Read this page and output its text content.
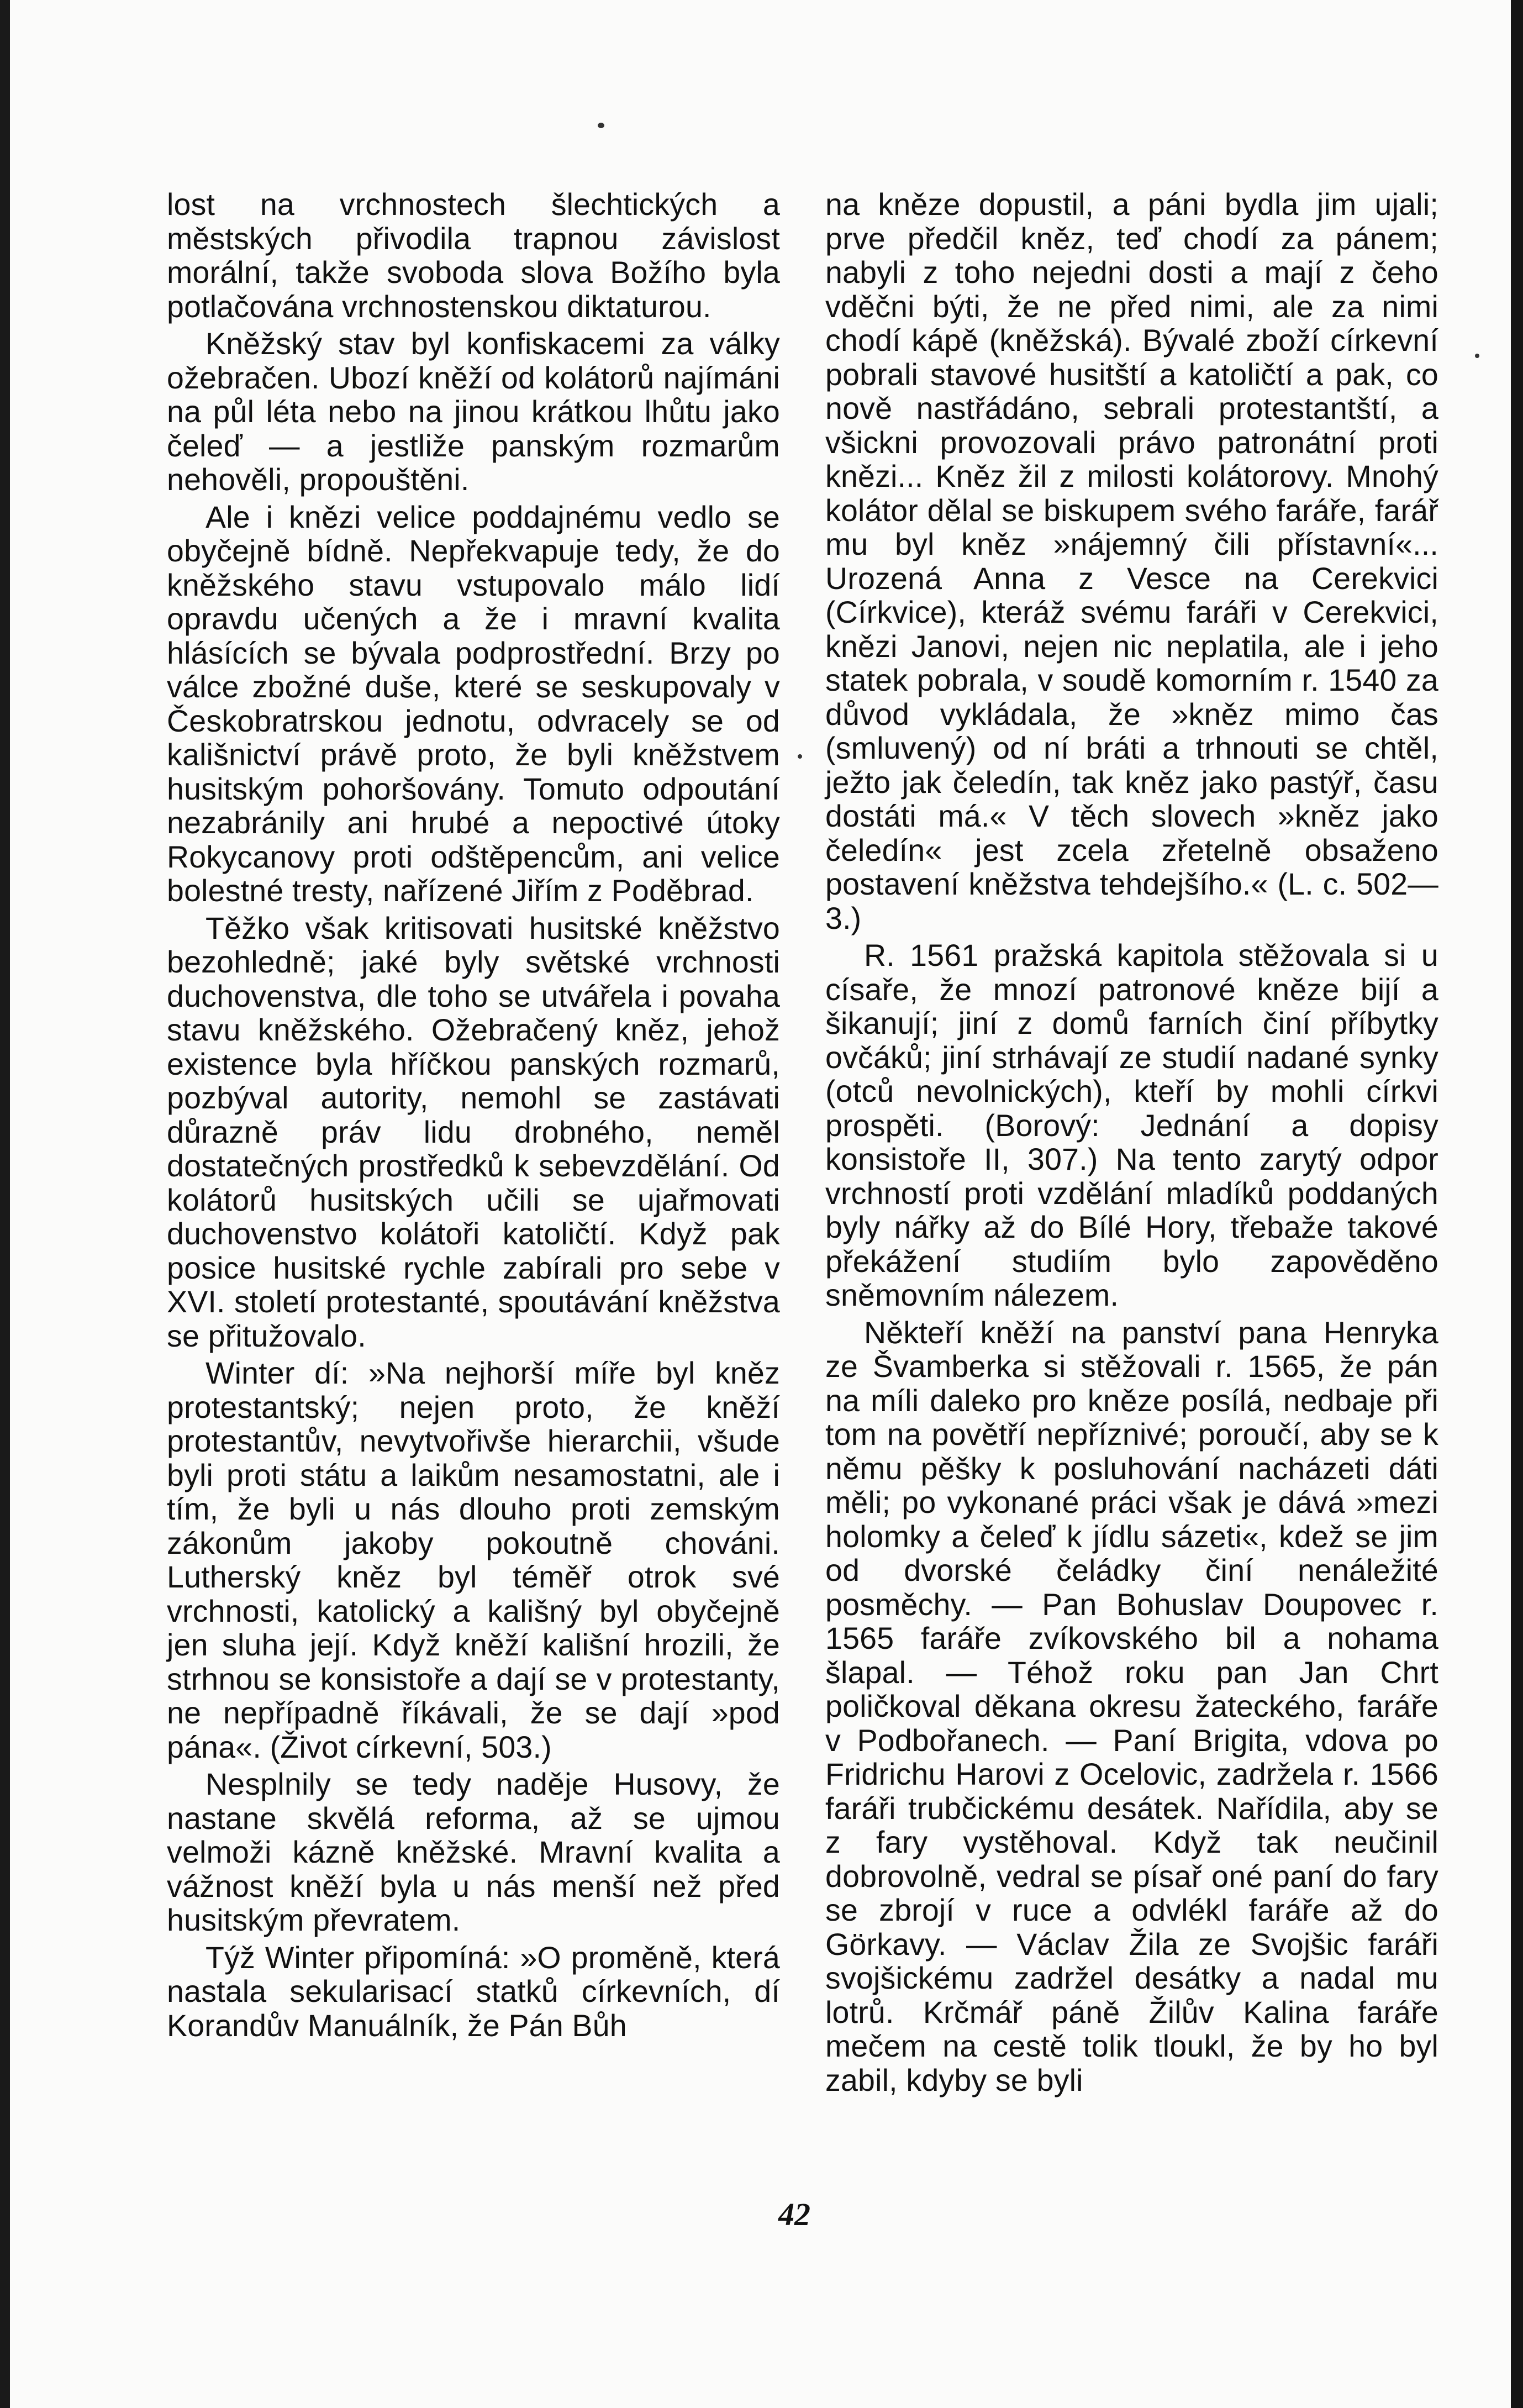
lost na vrchnostech šlechtických a městských přivodila trapnou závislost morální, takže svoboda slova Božího byla potlačována vrchnostenskou diktaturou.

Kněžský stav byl konfiskacemi za války ožebračen. Ubozí kněží od kolátorů najímáni na půl léta nebo na jinou krátkou lhůtu jako čeleď — a jestliže panským rozmarům nehověli, propouštěni.

Ale i knězi velice poddajnému vedlo se obyčejně bídně. Nepřekvapuje tedy, že do kněžského stavu vstupovalo málo lidí opravdu učených a že i mravní kvalita hlásících se bývala podprostřední. Brzy po válce zbožné duše, které se seskupovaly v Českobratrskou jednotu, odvracely se od kališnictví právě proto, že byli kněžstvem husitským pohoršovány. Tomuto odpoutání nezabránily ani hrubé a nepoctivé útoky Rokycanovy proti odštěpencům, ani velice bolestné tresty, nařízené Jiřím z Poděbrad.

Těžko však kritisovati husitské kněžstvo bezohledně; jaké byly světské vrchnosti duchovenstva, dle toho se utvářela i povaha stavu kněžského. Ožebračený kněz, jehož existence byla hříčkou panských rozmarů, pozbýval autority, nemohl se zastávati důrazně práv lidu drobného, neměl dostatečných prostředků k sebevzdělání. Od kolátorů husitských učili se ujařmovati duchovenstvo kolátoři katoličtí. Když pak posice husitské rychle zabírali pro sebe v XVI. století protestanté, spoutávání kněžstva se přitužovalo.

Winter dí: »Na nejhorší míře byl kněz protestantský; nejen proto, že kněží protestantův, nevytvořivše hierarchii, všude byli proti státu a laikům nesamostatni, ale i tím, že byli u nás dlouho proti zemským zákonům jakoby pokoutně chováni. Lutherský kněz byl téměř otrok své vrchnosti, katolický a kališný byl obyčejně jen sluha její. Když kněží kališní hrozili, že strhnou se konsistoře a dají se v protestanty, ne nepřípadně říkávali, že se dají »pod pána«. (Život církevní, 503.)

Nesplnily se tedy naděje Husovy, že nastane skvělá reforma, až se ujmou velmoži kázně kněžské. Mravní kvalita a vážnost kněží byla u nás menší než před husitským převratem.

Týž Winter připomíná: »O proměně, která nastala sekularisací statků církevních, dí Korandův Manuálník, že Pán Bůh

na kněze dopustil, a páni bydla jim ujali; prve předčil kněz, teď chodí za pánem; nabyli z toho nejedni dosti a mají z čeho vděčni býti, že ne před nimi, ale za nimi chodí kápě (kněžská). Bývalé zboží církevní pobrali stavové husitští a katoličtí a pak, co nově nastřádáno, sebrali protestantští, a všickni provozovali právo patronátní proti knězi... Kněz žil z milosti kolátorovy. Mnohý kolátor dělal se biskupem svého faráře, farář mu byl kněz »nájemný čili přístavní«... Urozená Anna z Vesce na Cerekvici (Církvice), kteráž svému faráři v Cerekvici, knězi Janovi, nejen nic neplatila, ale i jeho statek pobrala, v soudě komorním r. 1540 za důvod vykládala, že »kněz mimo čas (smluvený) od ní bráti a trhnouti se chtěl, ježto jak čeledín, tak kněz jako pastýř, času dostáti má.« V těch slovech »kněz jako čeledín« jest zcela zřetelně obsaženo postavení kněžstva tehdejšího.« (L. c. 502—3.)

R. 1561 pražská kapitola stěžovala si u císaře, že mnozí patronové kněze bijí a šikanují; jiní z domů farních činí příbytky ovčáků; jiní strhávají ze studií nadané synky (otců nevolnických), kteří by mohli církvi prospěti. (Borový: Jednání a dopisy konsistoře II, 307.) Na tento zarytý odpor vrchností proti vzdělání mladíků poddaných byly nářky až do Bílé Hory, třebaže takové překážení studiím bylo zapověděno sněmovním nálezem.

Někteří kněží na panství pana Henryka ze Švamberka si stěžovali r. 1565, že pán na míli daleko pro kněze posílá, nedbaje při tom na povětří nepříznivé; poroučí, aby se k němu pěšky k posluhování nacházeti dáti měli; po vykonané práci však je dává »mezi holomky a čeleď k jídlu sázeti«, kdež se jim od dvorské čeládky činí nenáležité posměchy. — Pan Bohuslav Doupovec r. 1565 faráře zvíkovského bil a nohama šlapal. — Téhož roku pan Jan Chrt poličkoval děkana okresu žateckého, faráře v Podbořanech. — Paní Brigita, vdova po Fridrichu Harovi z Ocelovic, zadržela r. 1566 faráři trubčickému desátek. Nařídila, aby se z fary vystěhoval. Když tak neučinil dobrovolně, vedral se písař oné paní do fary se zbrojí v ruce a odvlékl faráře až do Görkavy. — Václav Žila ze Svojšic faráři svojšickému zadržel desátky a nadal mu lotrů. Krčmář páně Žilův Kalina faráře mečem na cestě tolik tloukl, že by ho byl zabil, kdyby se byli

42
